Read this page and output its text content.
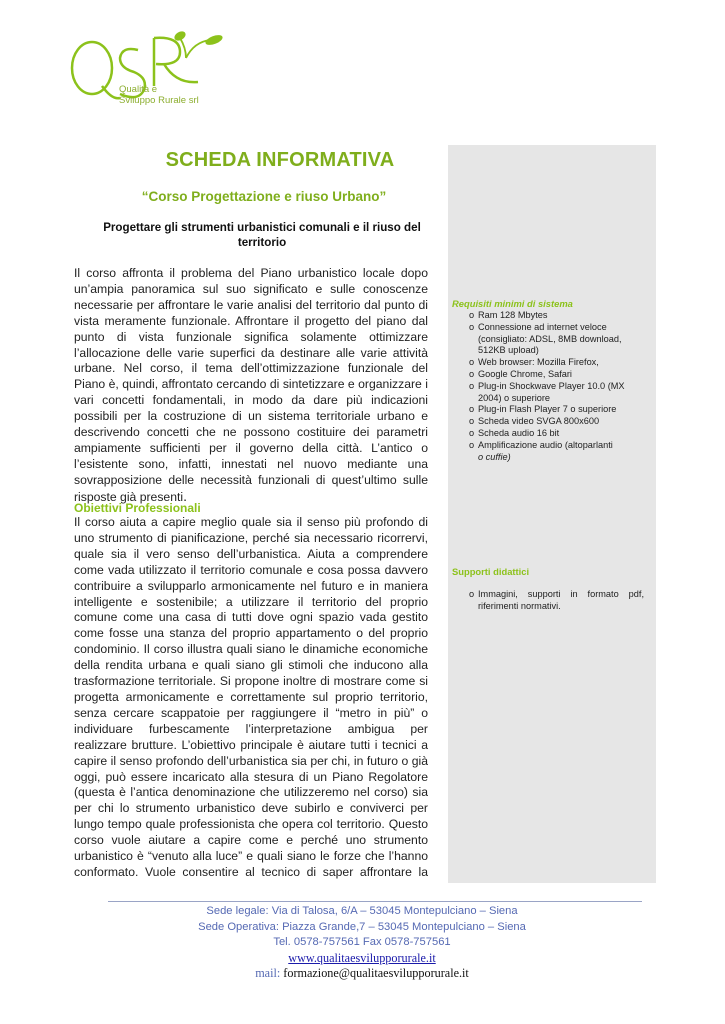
Qualità e
Sviluppo Rurale srl
SCHEDA INFORMATIVA
“Corso Progettazione e riuso Urbano”
Progettare gli strumenti urbanistici comunali e il riuso del territorio
Il corso affronta il problema del Piano urbanistico locale dopo un’ampia panoramica sul suo significato e sulle conoscenze necessarie per affrontare le varie analisi del territorio dal punto di vista meramente funzionale. Affrontare il progetto del piano dal punto di vista funzionale significa solamente ottimizzare l’allocazione delle varie superfici da destinare alle varie attività urbane. Nel corso, il tema dell’ottimizzazione funzionale del Piano è, quindi, affrontato cercando di sintetizzare e organizzare i vari concetti fondamentali, in modo da dare più indicazioni possibili per la costruzione di un sistema territoriale urbano e descrivendo concetti che ne possono costituire dei parametri ampiamente sufficienti per il governo della città. L’antico o l’esistente sono, infatti, innestati nel nuovo mediante una sovrapposizione delle necessità funzionali di quest’ultimo sulle risposte già presenti.
Obiettivi Professionali
Il corso aiuta a capire meglio quale sia il senso più profondo di uno strumento di pianificazione, perché sia necessario ricorrervi, quale sia il vero senso dell’urbanistica. Aiuta a comprendere come vada utilizzato il territorio comunale e cosa possa davvero contribuire a svilupparlo armonicamente nel futuro e in maniera intelligente e sostenibile; a utilizzare il territorio del proprio comune come una casa di tutti dove ogni spazio vada gestito come fosse una stanza del proprio appartamento o del proprio condominio. Il corso illustra quali siano le dinamiche economiche della rendita urbana e quali siano gli stimoli che inducono alla trasformazione territoriale. Si propone inoltre di mostrare come si progetta armonicamente e correttamente sul proprio territorio, senza cercare scappatoie per raggiungere il “metro in più” o individuare furbescamente l’interpretazione ambigua per realizzare brutture. L’obiettivo principale è aiutare tutti i tecnici a capire il senso profondo dell’urbanistica sia per chi, in futuro o già oggi, può essere incaricato alla stesura di un Piano Regolatore (questa è l’antica denominazione che utilizzeremo nel corso) sia per chi lo strumento urbanistico deve subirlo e conviverci per lungo tempo quale professionista che opera col territorio. Questo corso vuole aiutare a capire come e perché uno strumento urbanistico è “venuto alla luce” e quali siano le forze che l’hanno conformato. Vuole consentire al tecnico di saper affrontare la
Requisiti minimi di sistema
o Ram 128 Mbytes
o Connessione ad internet veloce (consigliato: ADSL, 8MB download, 512KB upload)
o Web browser: Mozilla Firefox,
o Google Chrome, Safari
o Plug-in Shockwave Player 10.0 (MX 2004) o superiore
o Plug-in Flash Player 7 o superiore
o Scheda video SVGA 800x600
o Scheda audio 16 bit
o Amplificazione audio (altoparlanti
o cuffie)
Supporti didattici
o Immagini, supporti in formato pdf, riferimenti normativi.
Sede legale: Via di Talosa, 6/A – 53045 Montepulciano – Siena
Sede Operativa: Piazza Grande,7 – 53045 Montepulciano – Siena
Tel. 0578-757561 Fax 0578-757561
www.qualitaesvilupporurale.it
mail: formazione@qualitaesvilupporurale.it
